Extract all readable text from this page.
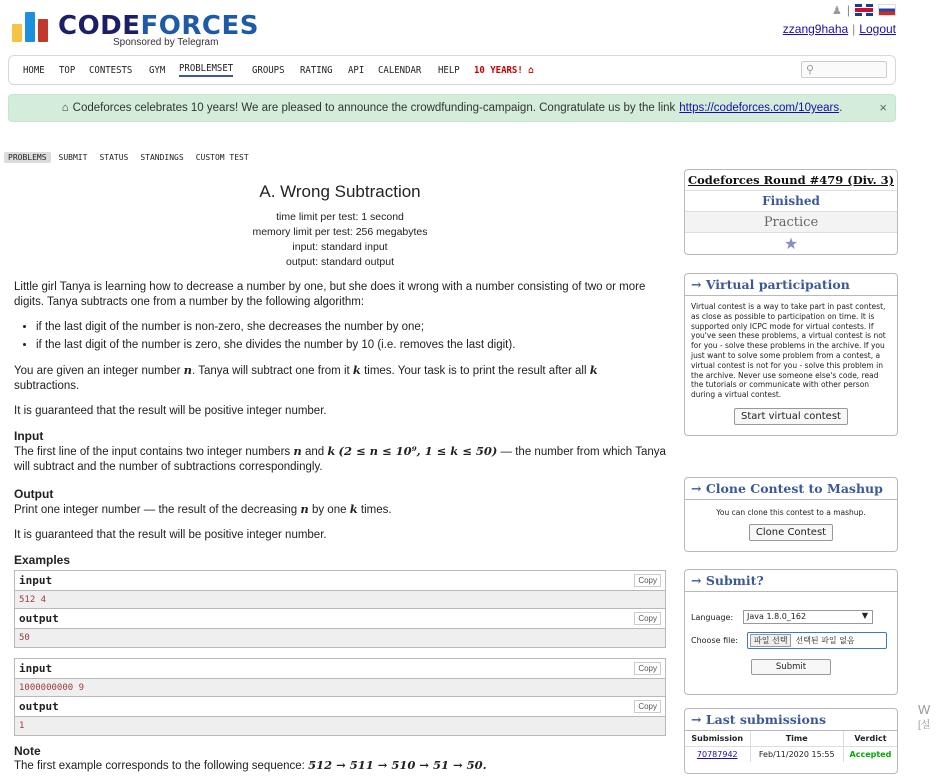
CODEFORCES
Sponsored by Telegram
♟ |
zzang9haha | Logout
HOME TOP CONTESTS GYM PROBLEMSET GROUPS RATING API CALENDAR HELP 10 YEARS! ⌂	⚲
⌂ Codeforces celebrates 10 years! We are pleased to announce the crowdfunding-campaign. Congratulate us by the link https://codeforces.com/10years .	×
PROBLEMS	SUBMIT	STATUS	STANDINGS	CUSTOM TEST
A. Wrong Subtraction
time limit per test: 1 second
memory limit per test: 256 megabytes
input: standard input
output: standard output

Little girl Tanya is learning how to decrease a number by one, but she does it wrong with a number consisting of two or more digits. Tanya subtracts one from a number by the following algorithm:

• if the last digit of the number is non-zero, she decreases the number by one;
• if the last digit of the number is zero, she divides the number by 10 (i.e. removes the last digit).

You are given an integer number n. Tanya will subtract one from it k times. Your task is to print the result after all k subtractions.

It is guaranteed that the result will be positive integer number.

Input

The first line of the input contains two integer numbers n and k (2 ≤ n ≤ 10⁹, 1 ≤ k ≤ 50) — the number from which Tanya will subtract and the number of subtractions correspondingly.

Output

Print one integer number — the result of the decreasing n by one k times.

It is guaranteed that the result will be positive integer number.

Examples
input	Copy
512 4
output	Copy
50
input	Copy
1000000000 9
output	Copy
1
Note
The first example corresponds to the following sequence: 512 → 511 → 510 → 51 → 50.
Codeforces Round #479 (Div. 3)
Finished
Practice
★
→ Virtual participation
Virtual contest is a way to take part in past contest, as close as possible to participation on time. It is supported only ICPC mode for virtual contests. If you've seen these problems, a virtual contest is not for you - solve these problems in the archive. If you just want to solve some problem from a contest, a virtual contest is not for you - solve this problem in the archive. Never use someone else's code, read the tutorials or communicate with other person during a virtual contest.
Start virtual contest
→ Clone Contest to Mashup
You can clone this contest to a mashup.
Clone Contest
→ Submit?
Language:	Java 1.8.0_162	▼
Choose file:	파일 선택	선택된 파일 없음
Submit
→ Last submissions
Submission	Time	Verdict
70787942	Feb/11/2020 15:55	Accepted
W
[설
